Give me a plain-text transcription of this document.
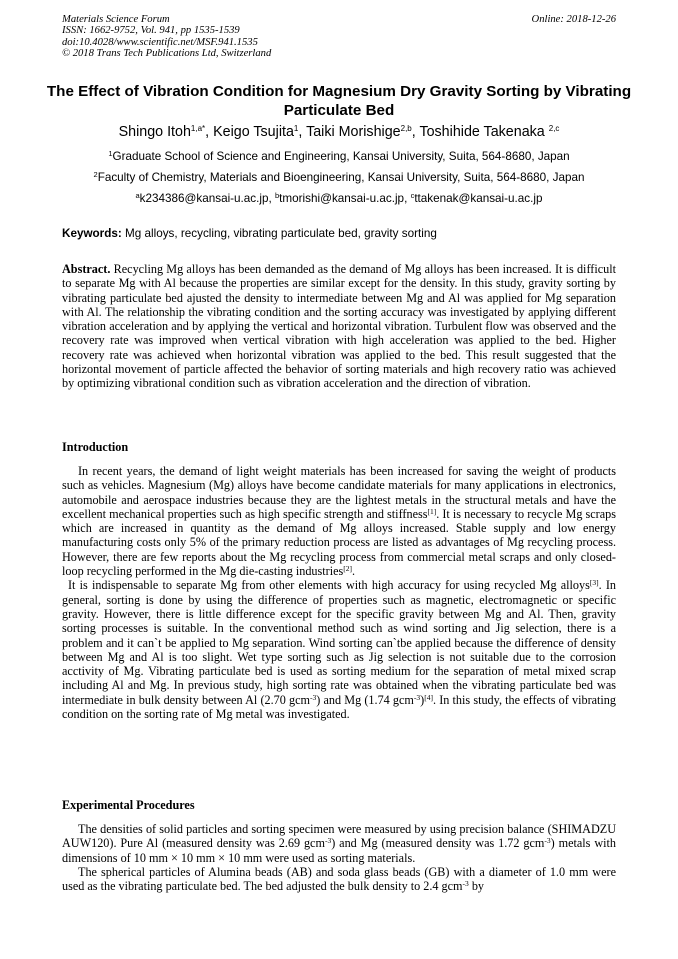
Materials Science Forum
ISSN: 1662-9752, Vol. 941, pp 1535-1539
doi:10.4028/www.scientific.net/MSF.941.1535
© 2018 Trans Tech Publications Ltd, Switzerland
Online: 2018-12-26
The Effect of Vibration Condition for Magnesium Dry Gravity Sorting by Vibrating Particulate Bed
Shingo Itoh$^{1,a*}$, Keigo Tsujita$^1$, Taiki Morishige$^{2,b}$, Toshihide Takenaka $^{2,c}$
$^1$Graduate School of Science and Engineering, Kansai University, Suita, 564-8680, Japan
$^2$Faculty of Chemistry, Materials and Bioengineering, Kansai University, Suita, 564-8680, Japan
$^a$k234386@kansai-u.ac.jp, $^b$tmorishi@kansai-u.ac.jp, $^c$ttakenak@kansai-u.ac.jp
Keywords: Mg alloys, recycling, vibrating particulate bed, gravity sorting
Abstract. Recycling Mg alloys has been demanded as the demand of Mg alloys has been increased. It is difficult to separate Mg with Al because the properties are similar except for the density. In this study, gravity sorting by vibrating particulate bed ajusted the density to intermediate between Mg and Al was applied for Mg separation with Al. The relationship the vibrating condition and the sorting accuracy was investigated by applying different vibration acceleration and by applying the vertical and horizontal vibration. Turbulent flow was observed and the recovery rate was improved when vertical vibration with high acceleration was applied to the bed. Higher recovery rate was achieved when horizontal vibration was applied to the bed. This result suggested that the horizontal movement of particle affected the behavior of sorting materials and high recovery ratio was achieved by optimizing vibrational condition such as vibration acceleration and the direction of vibration.
Introduction

In recent years, the demand of light weight materials has been increased for saving the weight of products such as vehicles. Magnesium (Mg) alloys have become candidate materials for many applications in electronics, automobile and aerospace industries because they are the lightest metals in the structural metals and have the excellent mechanical properties such as high specific strength and stiffness[1]. It is necessary to recycle Mg scraps which are increased in quantity as the demand of Mg alloys increased. Stable supply and low energy manufacturing costs only 5% of the primary reduction process are listed as advantages of Mg recycling process. However, there are few reports about the Mg recycling process from commercial metal scraps and only closed-loop recycling performed in the Mg die-casting industries[2].

It is indispensable to separate Mg from other elements with high accuracy for using recycled Mg alloys[3]. In general, sorting is done by using the difference of properties such as magnetic, electromagnetic or specific gravity. However, there is little difference except for the specific gravity between Mg and Al. Then, gravity sorting processes is suitable. In the conventional method such as wind sorting and Jig selection, there is a problem and it can`t be applied to Mg separation. Wind sorting can`tbe applied because the difference of density between Mg and Al is too slight. Wet type sorting such as Jig selection is not suitable due to the corrosion acctivity of Mg. Vibrating particulate bed is used as sorting medium for the separation of metal mixed scrap including Al and Mg. In previous study, high sorting rate was obtained when the vibrating particulate bed was intermediate in bulk density between Al (2.70 gcm$^{-3}$) and Mg (1.74 gcm$^{-3}$)[4]. In this study, the effects of vibrating condition on the sorting rate of Mg metal was investigated.

Experimental Procedures

The densities of solid particles and sorting specimen were measured by using precision balance (SHIMADZU AUW120). Pure Al (measured density was 2.69 gcm$^{-3}$) and Mg (measured density was 1.72 gcm$^{-3}$) metals with dimensions of 10 mm × 10 mm × 10 mm were used as sorting materials.

The spherical particles of Alumina beads (AB) and soda glass beads (GB) with a diameter of 1.0 mm were used as the vibrating particulate bed. The bed adjusted the bulk density to 2.4 gcm$^{-3}$ by
